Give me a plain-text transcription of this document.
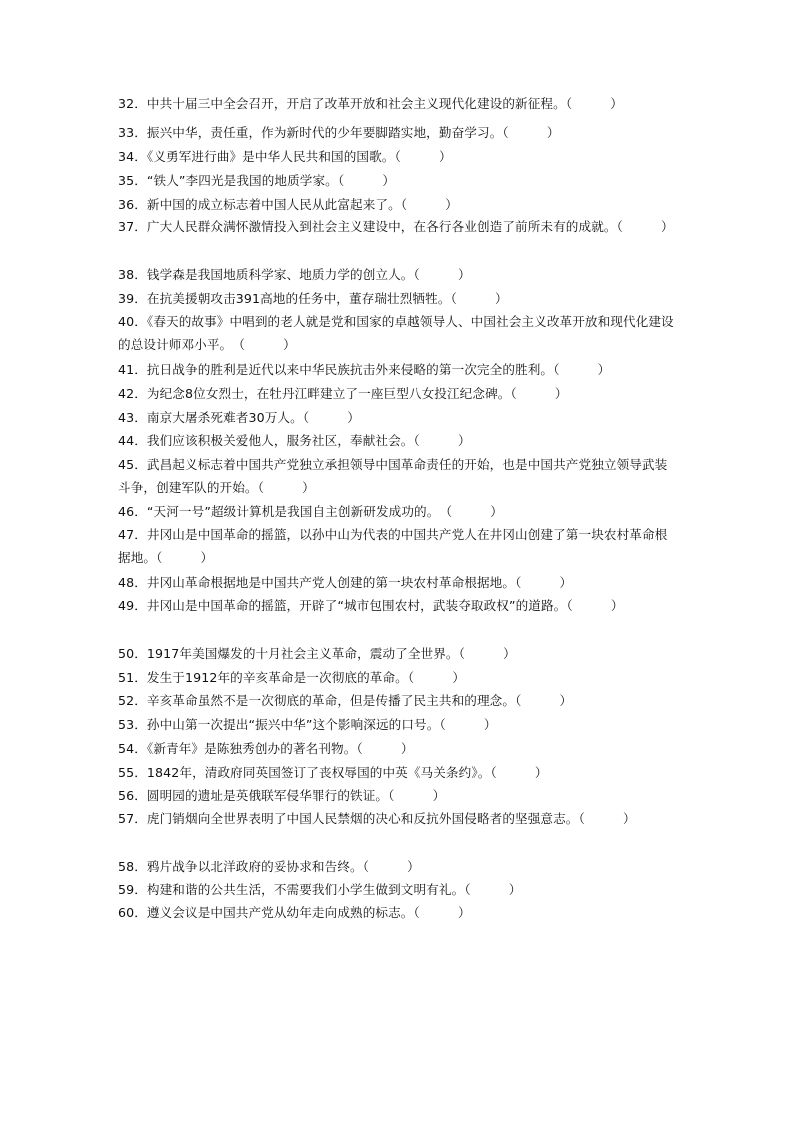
32．中共十届三中全会召开，开启了改革开放和社会主义现代化建设的新征程。（　　　）
33．振兴中华，责任重，作为新时代的少年要脚踏实地，勤奋学习。（　　　）
34．《义勇军进行曲》是中华人民共和国的国歌。（　　　）
35．“铁人”李四光是我国的地质学家。（　　　）
36．新中国的成立标志着中国人民从此富起来了。（　　　）
37．广大人民群众满怀激情投入到社会主义建设中，在各行各业创造了前所未有的成就。（　　　）
38．钱学森是我国地质科学家、地质力学的创立人。（　　　）
39．在抗美援朝攻击391高地的任务中，董存瑞壮烈牺牲。（　　　）
40．《春天的故事》中唱到的老人就是党和国家的卓越领导人、中国社会主义改革开放和现代化建设的总设计师邓小平。　（　　　）
41．抗日战争的胜利是近代以来中华民族抗击外来侵略的第一次完全的胜利。（　　　）
42．为纪念8位女烈士，在牡丹江畔建立了一座巨型八女投江纪念碑。（　　　）
43．南京大屠杀死难者30万人。（　　　）
44．我们应该积极关爱他人，服务社区，奉献社会。（　　　）
45．武昌起义标志着中国共产党独立承担领导中国革命责任的开始，也是中国共产党独立领导武装斗争，创建军队的开始。（　　　）
46．“天河一号”超级计算机是我国自主创新研发成功的。　（　　　）
47．井冈山是中国革命的摇篮，以孙中山为代表的中国共产党人在井冈山创建了第一块农村革命根据地。（　　　）
48．井冈山革命根据地是中国共产党人创建的第一块农村革命根据地。（　　　）
49．井冈山是中国革命的摇篮，开辟了“城市包围农村，武装夺取政权”的道路。（　　　）
50．1917年美国爆发的十月社会主义革命，震动了全世界。（　　　）
51．发生于1912年的辛亥革命是一次彻底的革命。（　　　）
52．辛亥革命虽然不是一次彻底的革命，但是传播了民主共和的理念。（　　　）
53．孙中山第一次提出“振兴中华”这个影响深远的口号。（　　　）
54．《新青年》是陈独秀创办的著名刊物。（　　　）
55．1842年，清政府同英国签订了丧权辱国的中英《马关条约》。（　　　）
56．圆明园的遗址是英俄联军侵华罪行的铁证。（　　　）
57．虎门销烟向全世界表明了中国人民禁烟的决心和反抗外国侵略者的坚强意志。（　　　）
58．鸦片战争以北洋政府的妥协求和告终。（　　　）
59．构建和谐的公共生活，不需要我们小学生做到文明有礼。（　　　）
60．遵义会议是中国共产党从幼年走向成熟的标志。（　　　）
